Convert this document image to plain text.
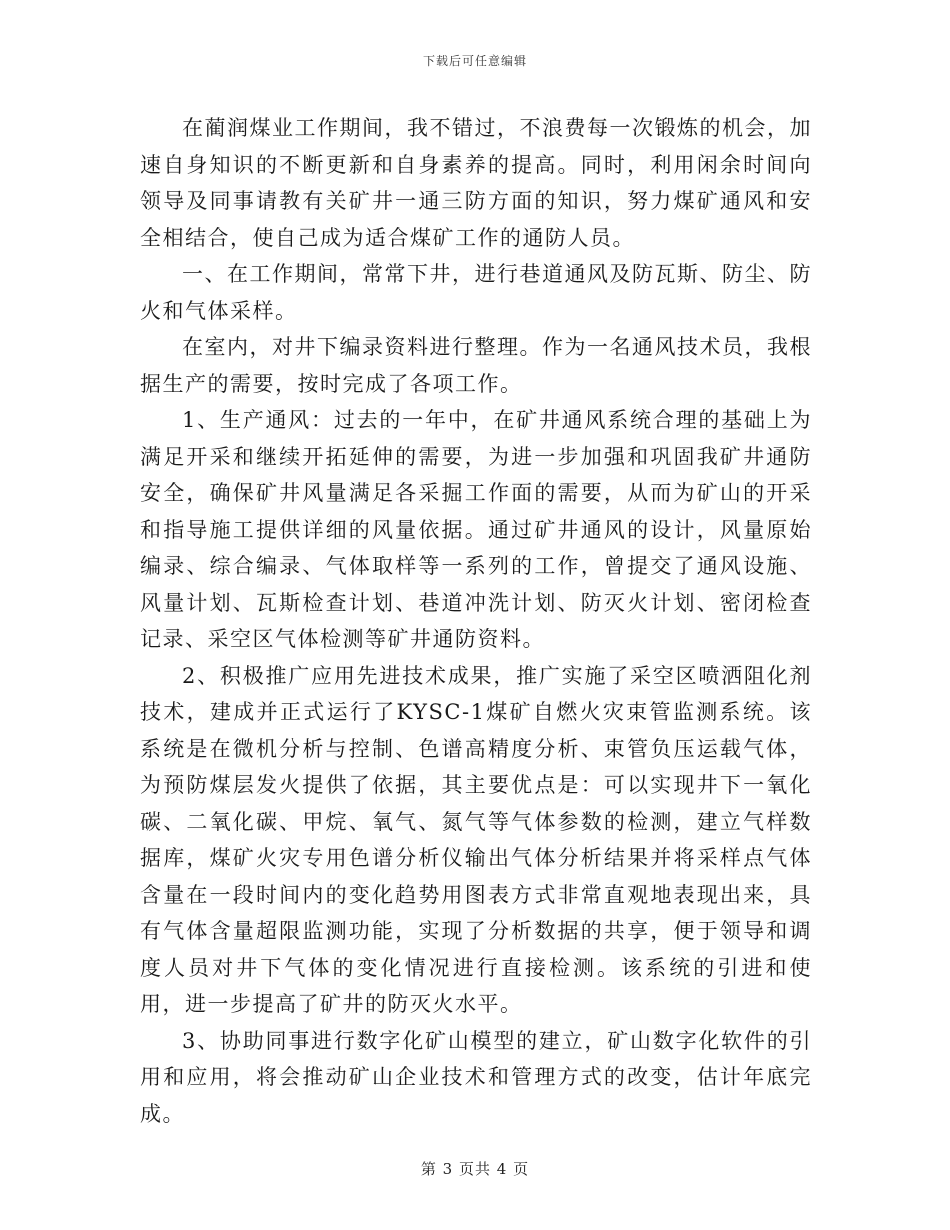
下载后可任意编辑

在蔺润煤业工作期间，我不错过，不浪费每一次锻炼的机会，加速自身知识的不断更新和自身素养的提高。同时，利用闲余时间向领导及同事请教有关矿井一通三防方面的知识，努力煤矿通风和安全相结合，使自己成为适合煤矿工作的通防人员。

一、在工作期间，常常下井，进行巷道通风及防瓦斯、防尘、防火和气体采样。

在室内，对井下编录资料进行整理。作为一名通风技术员，我根据生产的需要，按时完成了各项工作。

1、生产通风：过去的一年中，在矿井通风系统合理的基础上为满足开采和继续开拓延伸的需要，为进一步加强和巩固我矿井通防安全，确保矿井风量满足各采掘工作面的需要，从而为矿山的开采和指导施工提供详细的风量依据。通过矿井通风的设计，风量原始编录、综合编录、气体取样等一系列的工作，曾提交了通风设施、风量计划、瓦斯检查计划、巷道冲洗计划、防灭火计划、密闭检查记录、采空区气体检测等矿井通防资料。

2、积极推广应用先进技术成果，推广实施了采空区喷洒阻化剂技术，建成并正式运行了KYSC-1煤矿自燃火灾束管监测系统。该系统是在微机分析与控制、色谱高精度分析、束管负压运载气体，为预防煤层发火提供了依据，其主要优点是：可以实现井下一氧化碳、二氧化碳、甲烷、氧气、氮气等气体参数的检测，建立气样数据库，煤矿火灾专用色谱分析仪输出气体分析结果并将采样点气体含量在一段时间内的变化趋势用图表方式非常直观地表现出来，具有气体含量超限监测功能，实现了分析数据的共享，便于领导和调度人员对井下气体的变化情况进行直接检测。该系统的引进和使用，进一步提高了矿井的防灭火水平。

3、协助同事进行数字化矿山模型的建立，矿山数字化软件的引用和应用，将会推动矿山企业技术和管理方式的改变，估计年底完成。

第 3 页共 4 页
